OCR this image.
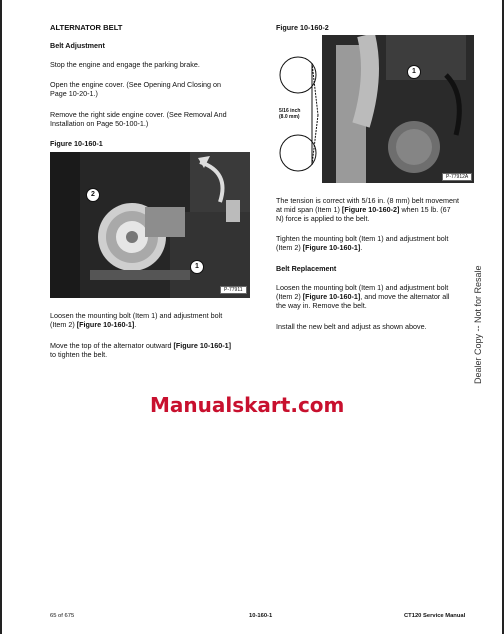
ALTERNATOR BELT

Belt Adjustment

Stop the engine and engage the parking brake.

Open the engine cover. (See Opening And Closing on

Page 10-20-1.)

Remove the right side engine cover. (See Removal And

Installation on Page 50-100-1.)

Figure 10-160-1

2
1
P-77911

Loosen the mounting bolt (Item 1) and adjustment bolt

(Item 2) [Figure 10-160-1].

Move the top of the alternator outward [Figure 10-160-1]

to tighten the belt.

Figure 10-160-2

5/16 inch
(8.0 mm)
1
P-77912A

The tension is correct with 5/16 in. (8 mm) belt movement

at mid span (Item 1) [Figure 10-160-2] when 15 lb. (67

N) force is applied to the belt.

Tighten the mounting bolt (Item 1) and adjustment bolt

(Item 2) [Figure 10-160-1].

Belt Replacement

Loosen the mounting bolt (Item 1) and adjustment bolt

(Item 2) [Figure 10-160-1], and move the alternator all

the way in. Remove the belt.

Install the new belt and adjust as shown above.	Dealer Copy -- Not for Resale
Manualskart.com
65 of 675	10-160-1	CT120 Service Manual
